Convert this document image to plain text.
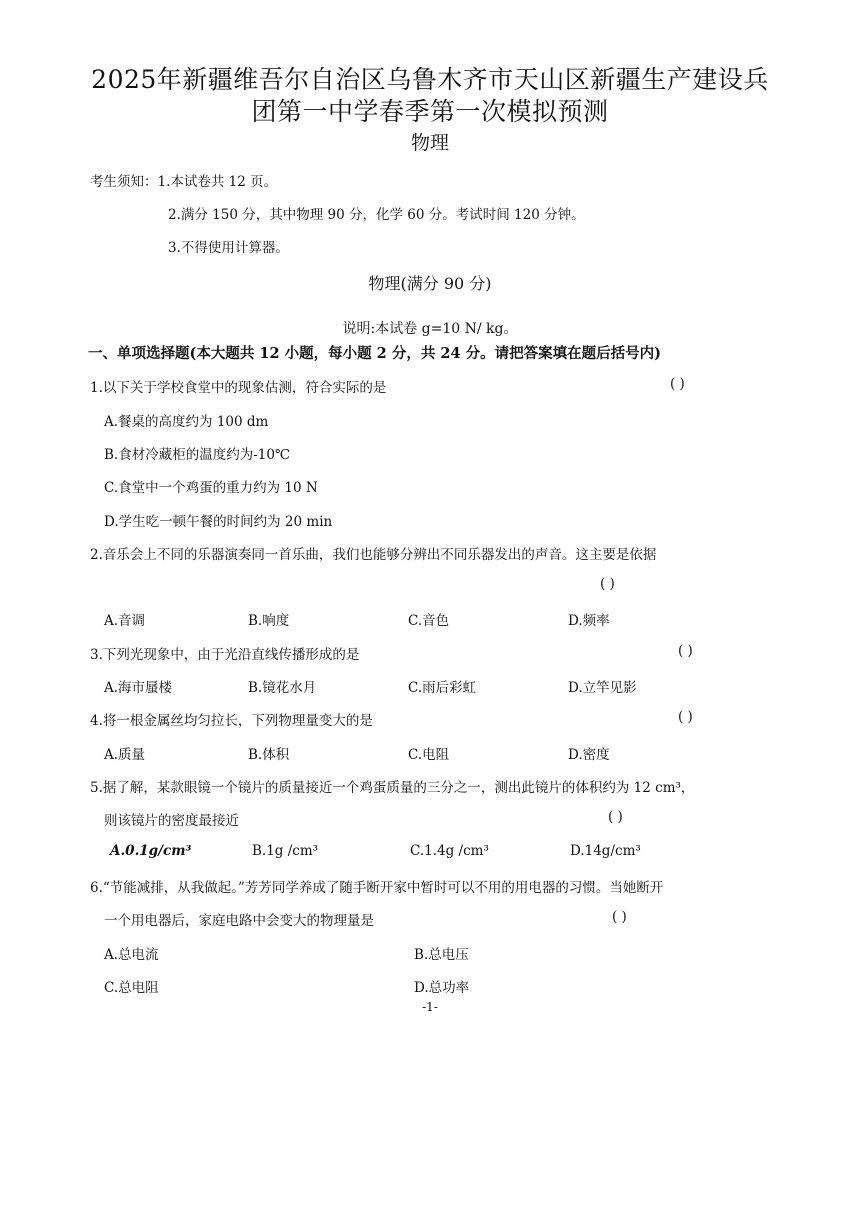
2025年新疆维吾尔自治区乌鲁木齐市天山区新疆生产建设兵
团第一中学春季第一次模拟预测
物理
考生须知：1.本试卷共 12 页。
2.满分 150 分，其中物理 90 分，化学 60 分。考试时间 120 分钟。
3.不得使用计算器。
物理(满分 90 分)
说明:本试卷 g=10 N/ kg。
一、单项选择题(本大题共 12 小题，每小题 2 分，共 24 分。请把答案填在题后括号内)
1.以下关于学校食堂中的现象估测，符合实际的是	( )
A.餐桌的高度约为 100 dm
B.食材冷藏柜的温度约为-10℃
C.食堂中一个鸡蛋的重力约为 10 N
D.学生吃一顿午餐的时间约为 20 min
2.音乐会上不同的乐器演奏同一首乐曲，我们也能够分辨出不同乐器发出的声音。这主要是依据
( )
A.音调	B.响度	C.音色	D.频率
3.下列光现象中，由于光沿直线传播形成的是	( )
A.海市蜃楼	B.镜花水月	C.雨后彩虹	D.立竿见影
4.将一根金属丝均匀拉长，下列物理量变大的是	( )
A.质量	B.体积	C.电阻	D.密度
5.据了解，某款眼镜一个镜片的质量接近一个鸡蛋质量的三分之一，测出此镜片的体积约为 12 cm³，
则该镜片的密度最接近	( )
A.0.1g/cm³	B.1g /cm³	C.1.4g /cm³	D.14g/cm³
6.“节能减排，从我做起。”芳芳同学养成了随手断开家中暂时可以不用的用电器的习惯。当她断开
一个用电器后，家庭电路中会变大的物理量是	( )
A.总电流	B.总电压
C.总电阻	D.总功率
-1-
